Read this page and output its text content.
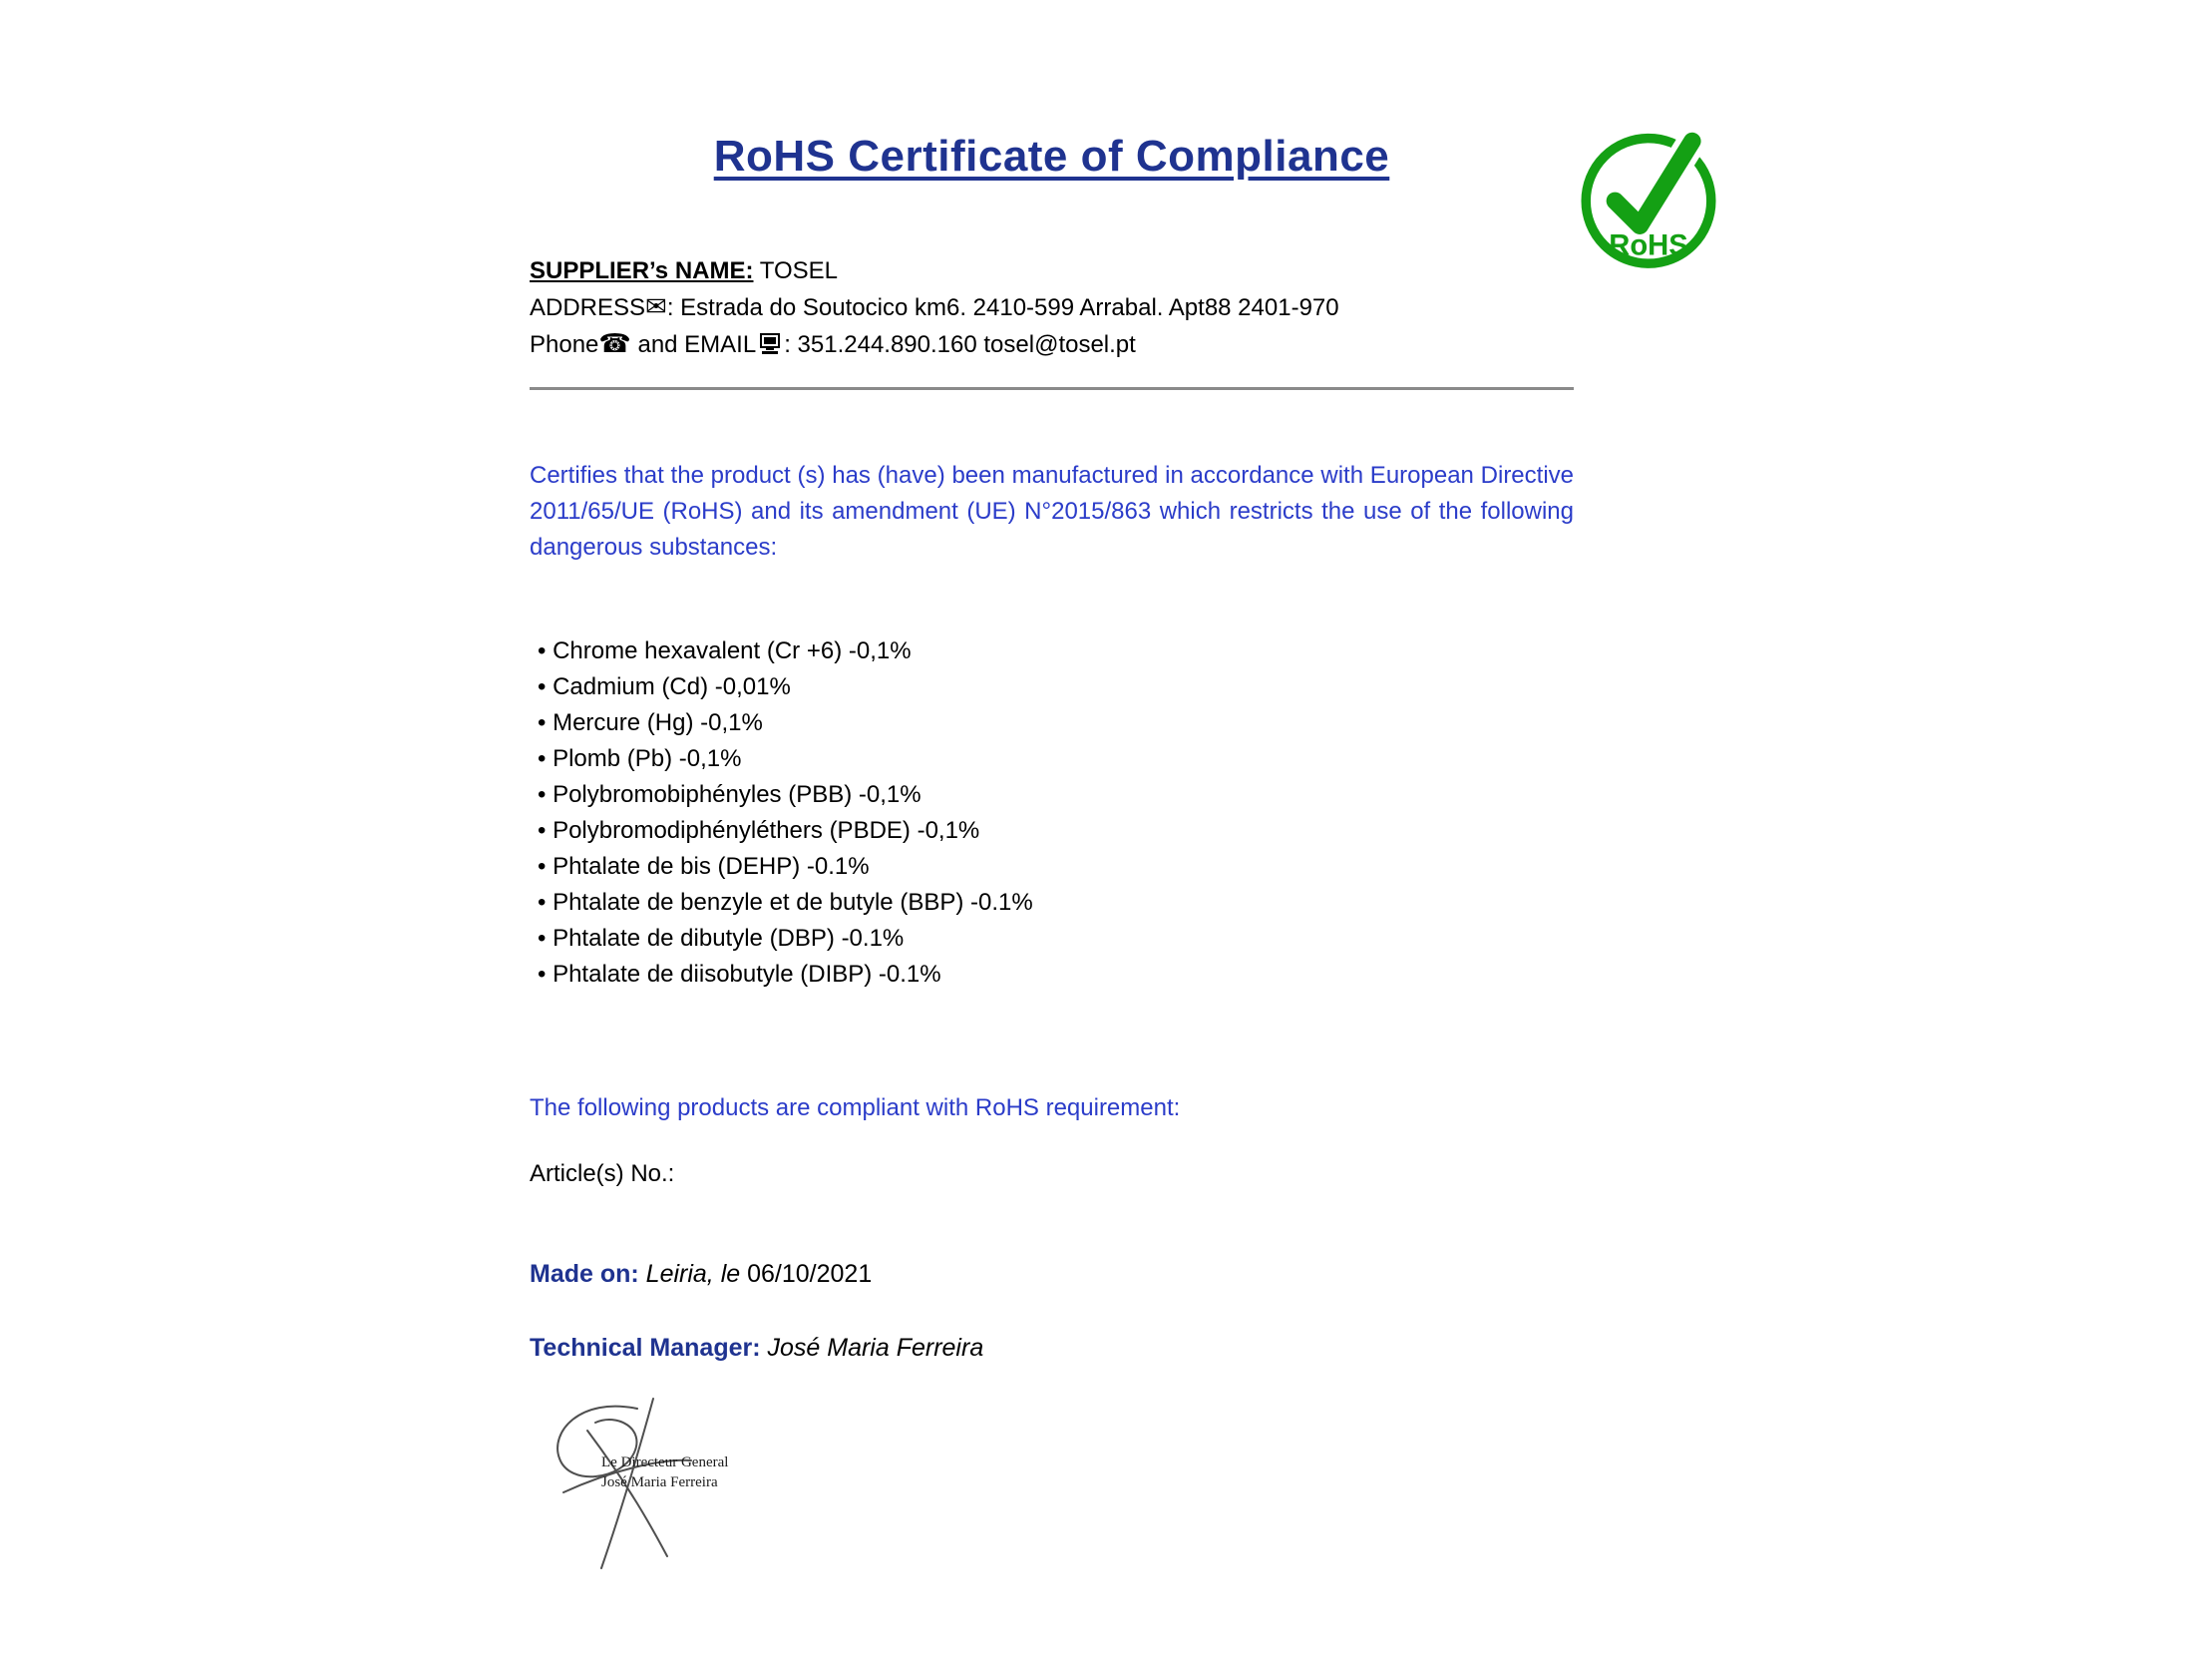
RoHS
RoHS Certificate of Compliance

SUPPLIER’s NAME: TOSEL

ADDRESS✉: Estrada do Soutocico km6. 2410-599 Arrabal. Apt88 2401-970

Phone☎ and EMAIL : 351.244.890.160 tosel@tosel.pt

Certifies that the product (s) has (have) been manufactured in accordance with European Directive 2011/65/UE (RoHS) and its amendment (UE) N°2015/863 which restricts the use of the following dangerous substances:

• Chrome hexavalent (Cr +6) -0,1%
• Cadmium (Cd) -0,01%
• Mercure (Hg) -0,1%
• Plomb (Pb) -0,1%
• Polybromobiphényles (PBB) -0,1%
• Polybromodiphényléthers (PBDE) -0,1%
• Phtalate de bis (DEHP) -0.1%
• Phtalate de benzyle et de butyle (BBP) -0.1%
• Phtalate de dibutyle (DBP) -0.1%
• Phtalate de diisobutyle (DIBP) -0.1%

The following products are compliant with RoHS requirement:

Article(s) No.:

Made on: Leiria, le 06/10/2021

Technical Manager: José Maria Ferreira

Le Directeur General
José Maria Ferreira
